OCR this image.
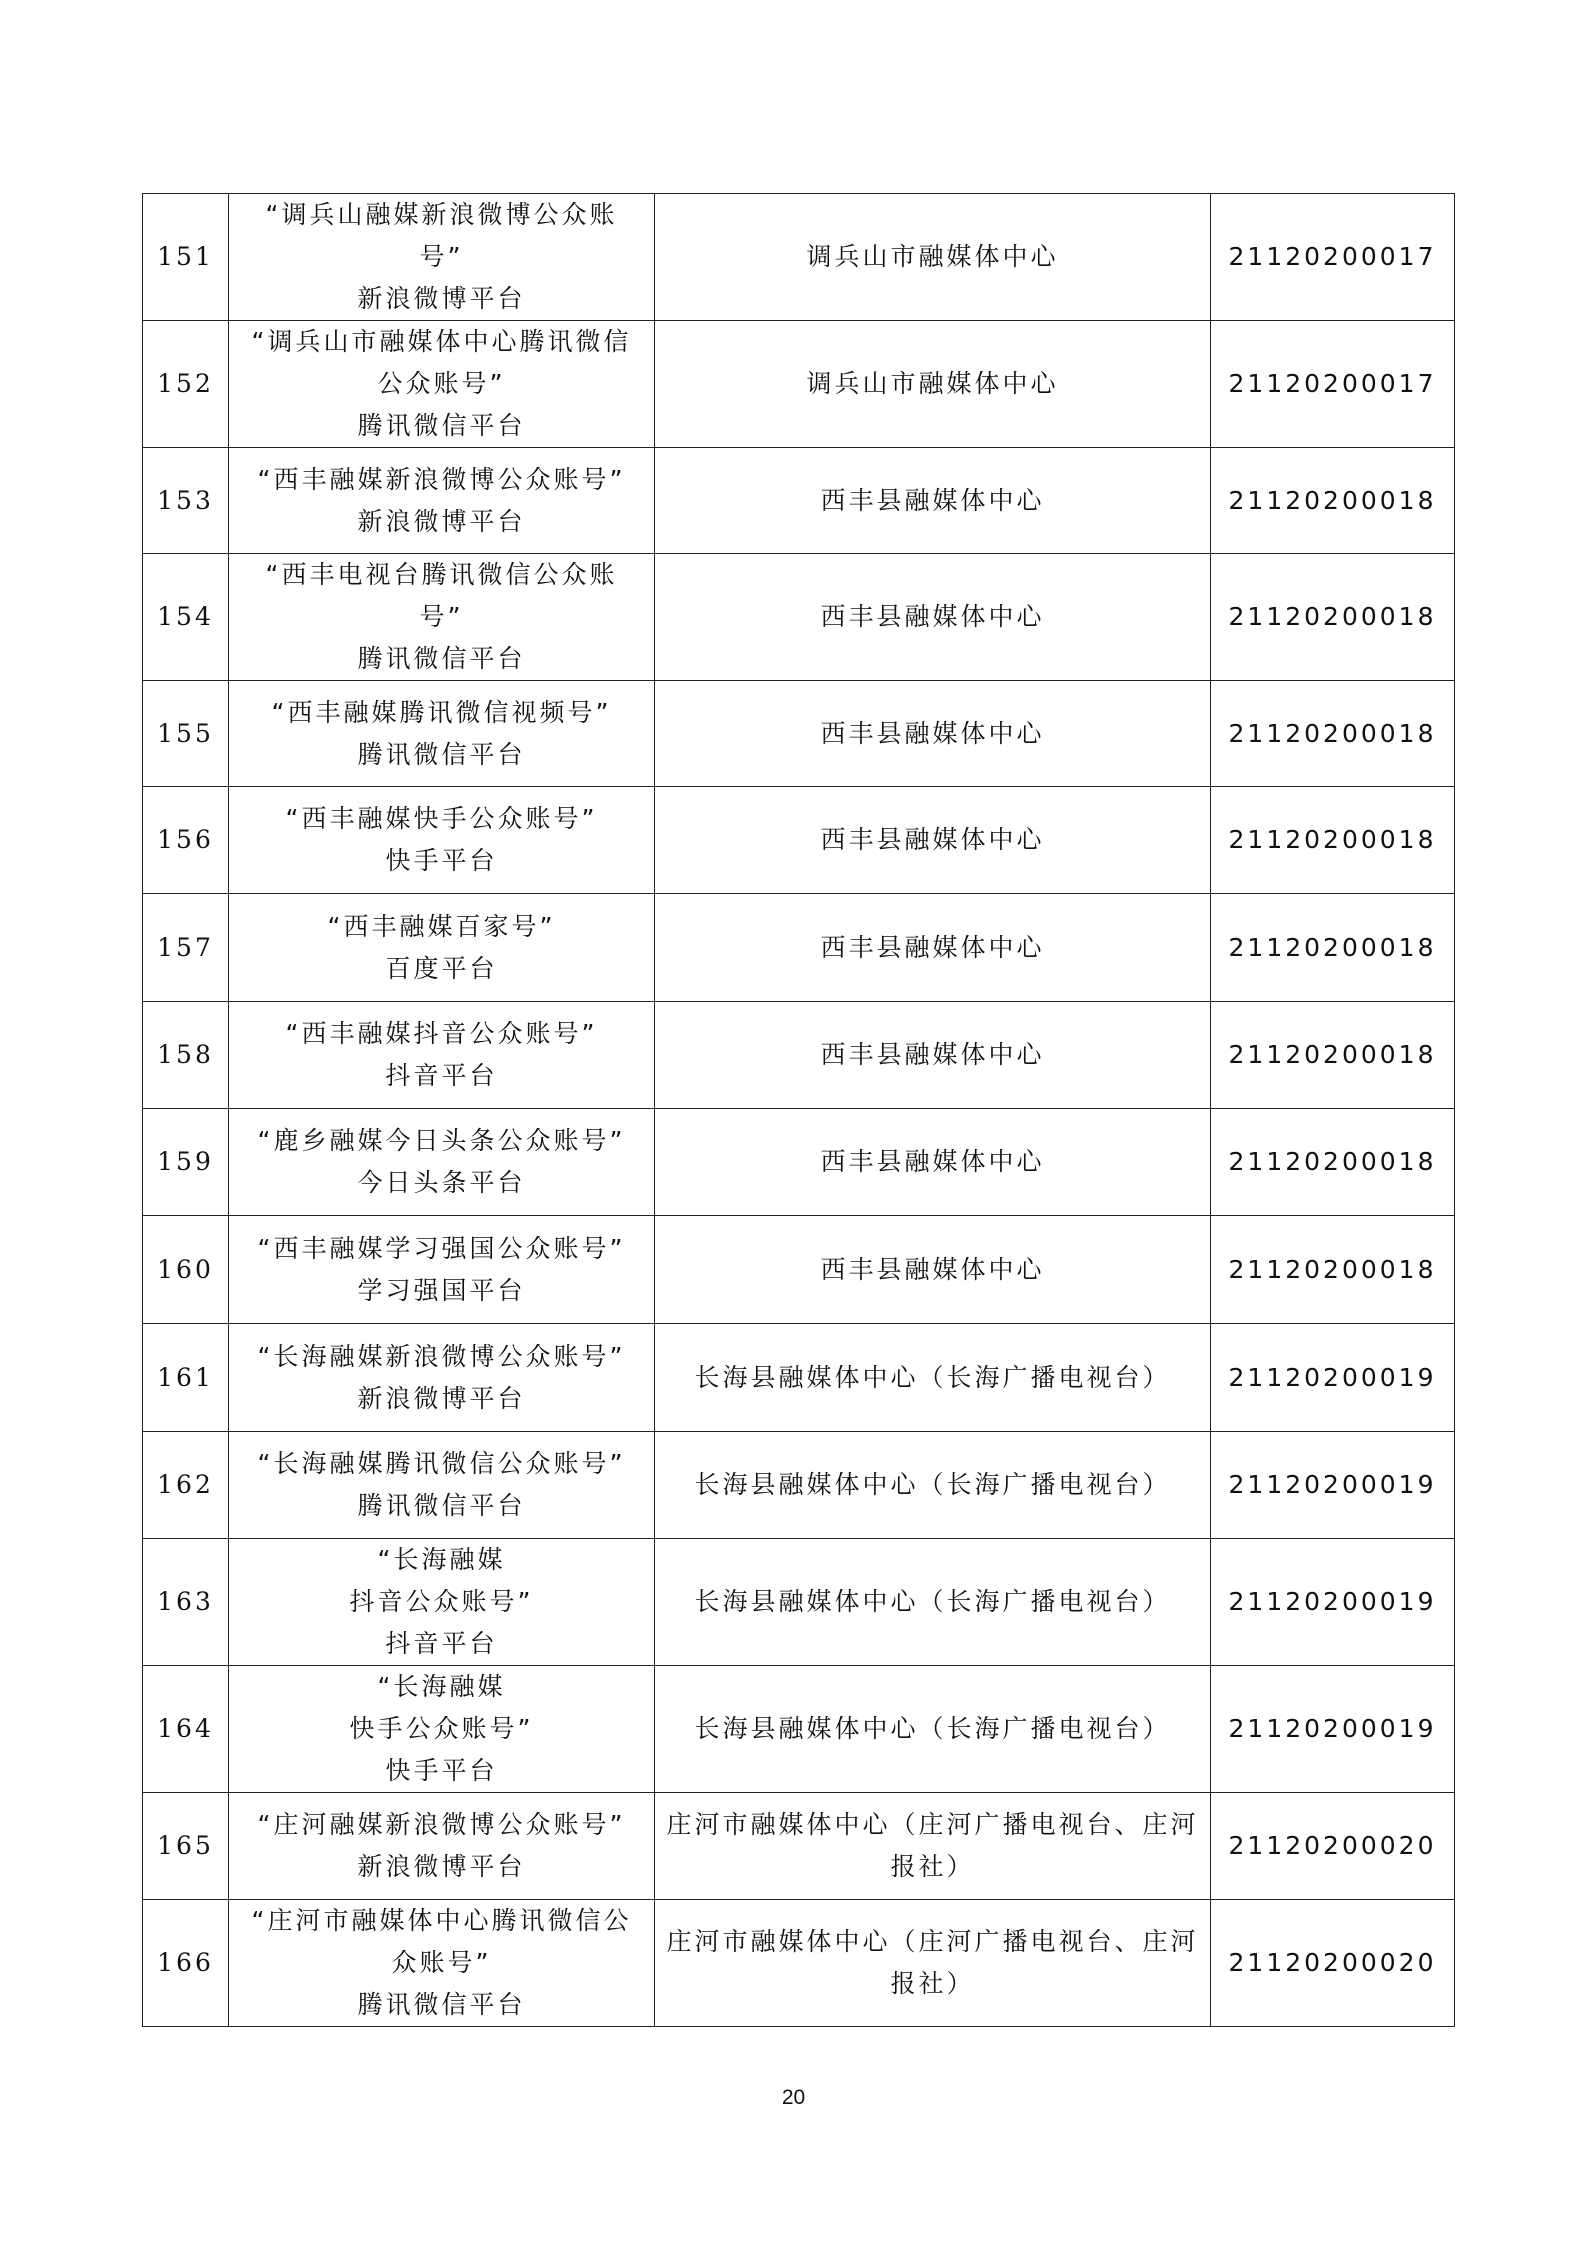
151	“调兵山融媒新浪微博公众账
号”
新浪微博平台	调兵山市融媒体中心	21120200017
152	“调兵山市融媒体中心腾讯微信
公众账号”
腾讯微信平台	调兵山市融媒体中心	21120200017
153	“西丰融媒新浪微博公众账号”
新浪微博平台	西丰县融媒体中心	21120200018
154	“西丰电视台腾讯微信公众账
号”
腾讯微信平台	西丰县融媒体中心	21120200018
155	“西丰融媒腾讯微信视频号”
腾讯微信平台	西丰县融媒体中心	21120200018
156	“西丰融媒快手公众账号”
快手平台	西丰县融媒体中心	21120200018
157	“西丰融媒百家号”
百度平台	西丰县融媒体中心	21120200018
158	“西丰融媒抖音公众账号”
抖音平台	西丰县融媒体中心	21120200018
159	“鹿乡融媒今日头条公众账号”
今日头条平台	西丰县融媒体中心	21120200018
160	“西丰融媒学习强国公众账号”
学习强国平台	西丰县融媒体中心	21120200018
161	“长海融媒新浪微博公众账号”
新浪微博平台	长海县融媒体中心（长海广播电视台）	21120200019
162	“长海融媒腾讯微信公众账号”
腾讯微信平台	长海县融媒体中心（长海广播电视台）	21120200019
163	“长海融媒
抖音公众账号”
抖音平台	长海县融媒体中心（长海广播电视台）	21120200019
164	“长海融媒
快手公众账号”
快手平台	长海县融媒体中心（长海广播电视台）	21120200019
165	“庄河融媒新浪微博公众账号”
新浪微博平台	庄河市融媒体中心（庄河广播电视台、庄河
报社）	21120200020
166	“庄河市融媒体中心腾讯微信公
众账号”
腾讯微信平台	庄河市融媒体中心（庄河广播电视台、庄河
报社）	21120200020
20
